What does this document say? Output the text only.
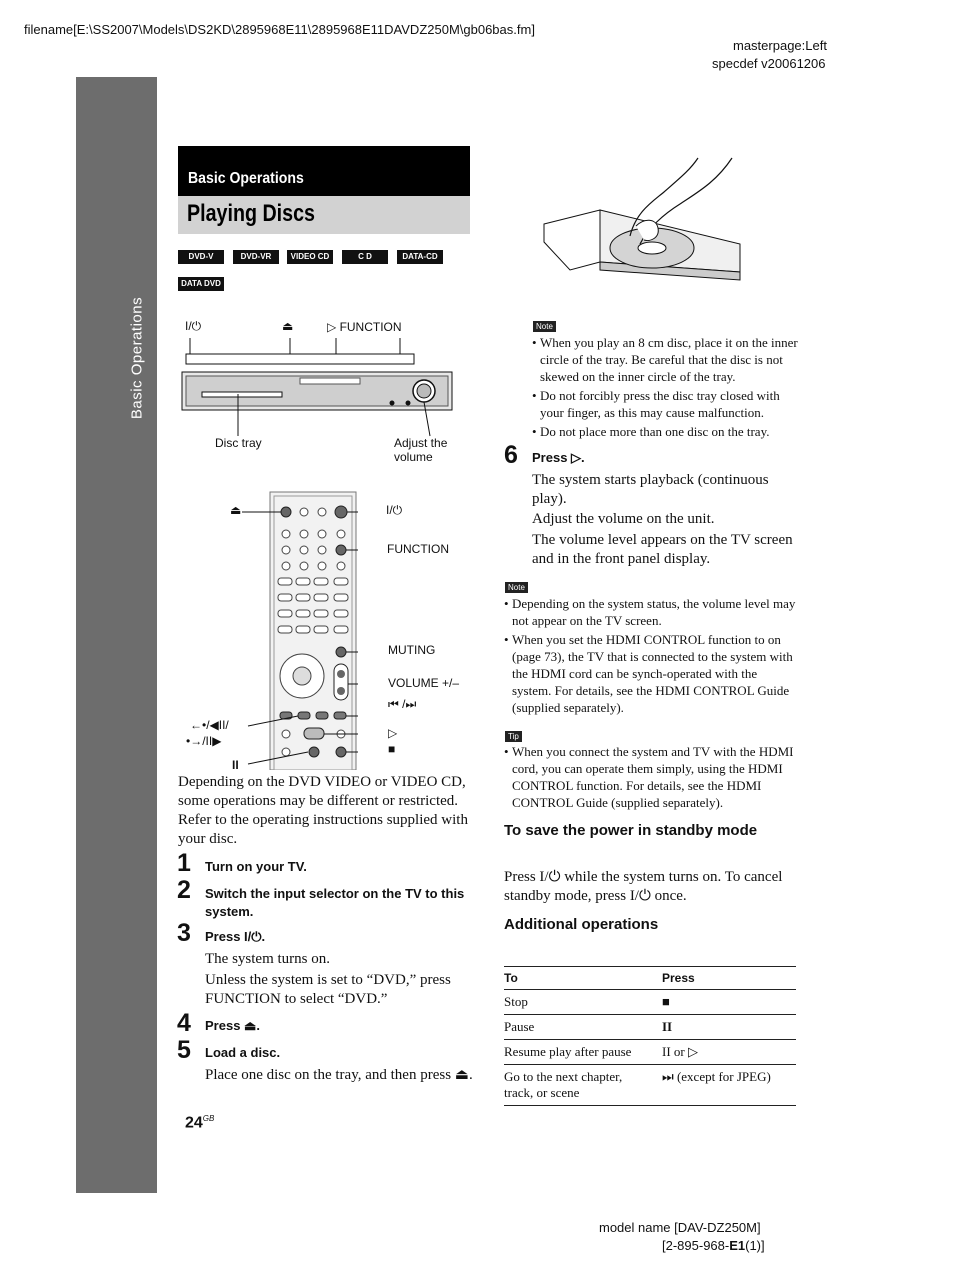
filename[E:\SS2007\Models\DS2KD\2895968E11\2895968E11DAVDZ250M\gb06bas.fm]
masterpage:Left
specdef v20061206
Basic Operations
Basic Operations
Playing Discs
DVD-V	DVD-VR	VIDEO CD	C D	DATA-CD
DATA DVD
I/⏻	⏏	▷ FUNCTION
Disc tray	Adjust the
volume
⏏	I/⏻
FUNCTION
MUTING
VOLUME +/–
⏮ /⏭
←•/◀II/
•→/II▶
▷
■
II
Depending on the DVD VIDEO or VIDEO CD, some operations may be different or restricted. Refer to the operating instructions supplied with your disc.
1 Turn on your TV.
2 Switch the input selector on the TV to this system.
3 Press I/⏻.
The system turns on.
Unless the system is set to “DVD,” press FUNCTION to select “DVD.”
4 Press ⏏.
5 Load a disc.
Place one disc on the tray, and then press ⏏.
$24^{GB}$
Note
• When you play an 8 cm disc, place it on the inner circle of the tray. Be careful that the disc is not skewed on the inner circle of the tray.
• Do not forcibly press the disc tray closed with your finger, as this may cause malfunction.
• Do not place more than one disc on the tray.
6 Press ▷.
The system starts playback (continuous play).
Adjust the volume on the unit.
The volume level appears on the TV screen and in the front panel display.
Note
• Depending on the system status, the volume level may not appear on the TV screen.
• When you set the HDMI CONTROL function to on (page 73), the TV that is connected to the system with the HDMI cord can be synch-operated with the system. For details, see the HDMI CONTROL Guide (supplied separately).
Tip
• When you connect the system and TV with the HDMI cord, you can operate them simply, using the HDMI CONTROL function. For details, see the HDMI CONTROL Guide (supplied separately).
To save the power in standby mode
Press I/⏻ while the system turns on. To cancel standby mode, press I/⏻ once.
Additional operations
To	Press
Stop	■
Pause	II
Resume play after pause	II or ▷
Go to the next chapter, track, or scene	⏭ (except for JPEG)
model name [DAV-DZ250M]
[2-895-968-E1(1)]
